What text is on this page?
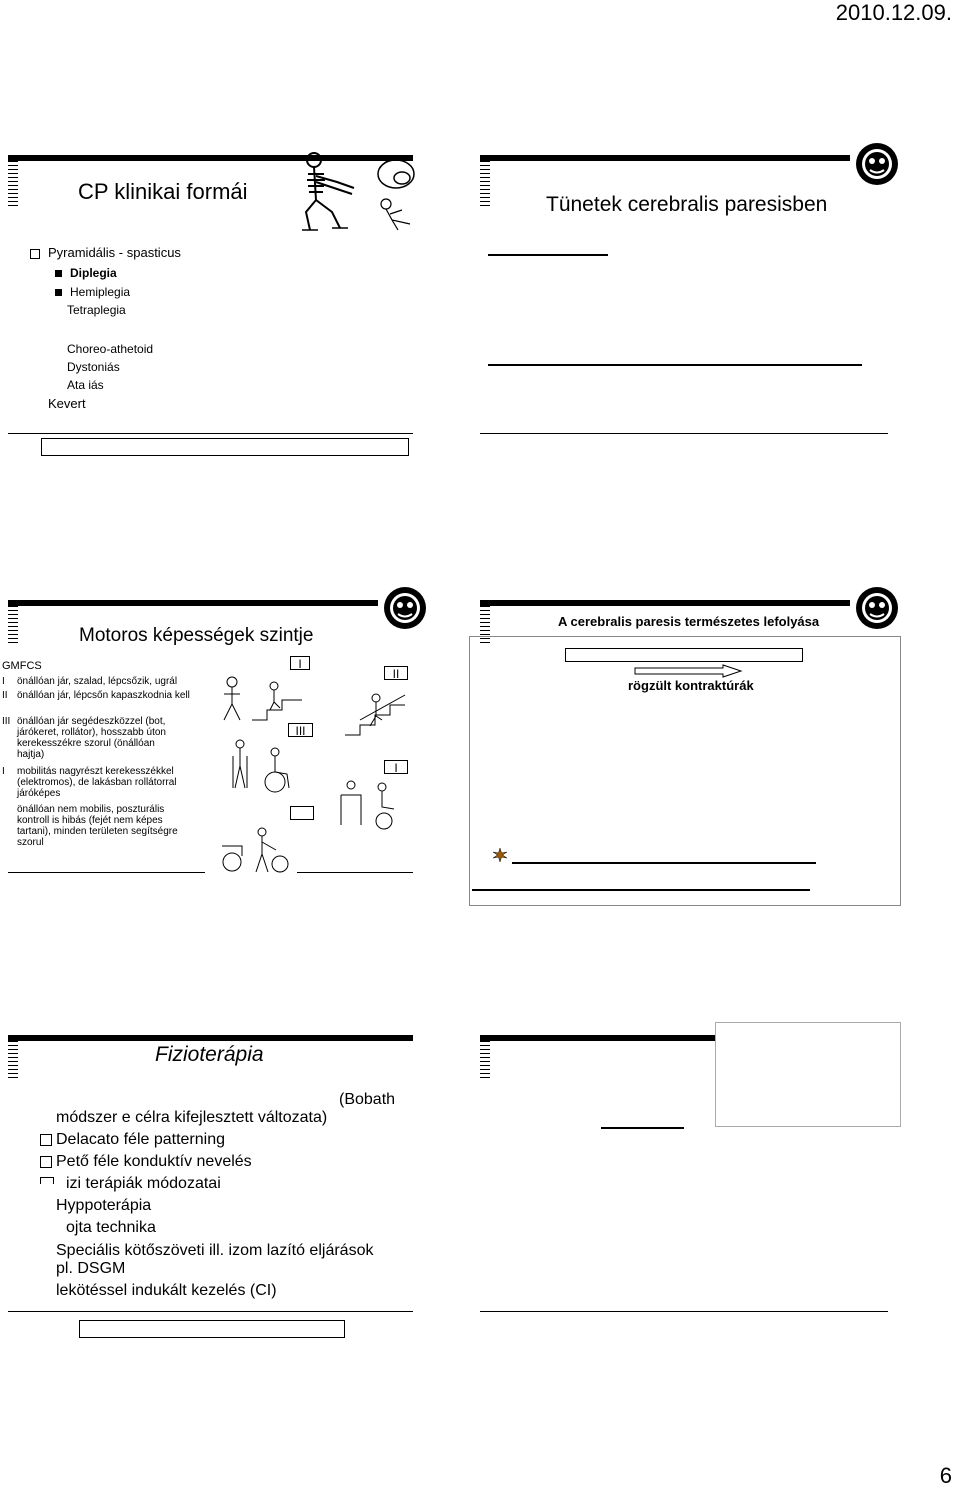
2010.12.09.
6
CP klinikai formái
Pyramidális - spasticus
Diplegia
Hemiplegia
Tetraplegia
Choreo-athetoid
Dystoniás
Ata iás
Kevert
Tünetek cerebralis paresisben
Motoros képességek szintje
GMFCS
I önállóan jár, szalad, lépcsőzik, ugrál
II önállóan jár, lépcsőn kapaszkodnia kell
III önállóan jár segédeszközzel (bot, járókeret, rollátor), hosszabb úton kerekesszékre szorul (önállóan hajtja)
I mobilitás nagyrészt kerekesszékkel (elektromos), de lakásban rollátorral járóképes
önállóan nem mobilis, poszturális kontroll is hibás (fejét nem képes tartani), minden területen segítségre szorul
I
II
III
I
A cerebralis paresis természetes lefolyása
rögzült kontraktúrák
Fizioterápia
(Bobath
módszer e célra kifejlesztett változata)
Delacato féle patterning
Pető féle konduktív nevelés
izi terápiák módozatai
Hyppoterápia
ojta technika
Speciális kötőszöveti ill. izom lazító eljárások
pl. DSGM
lekötéssel indukált kezelés (CI)
